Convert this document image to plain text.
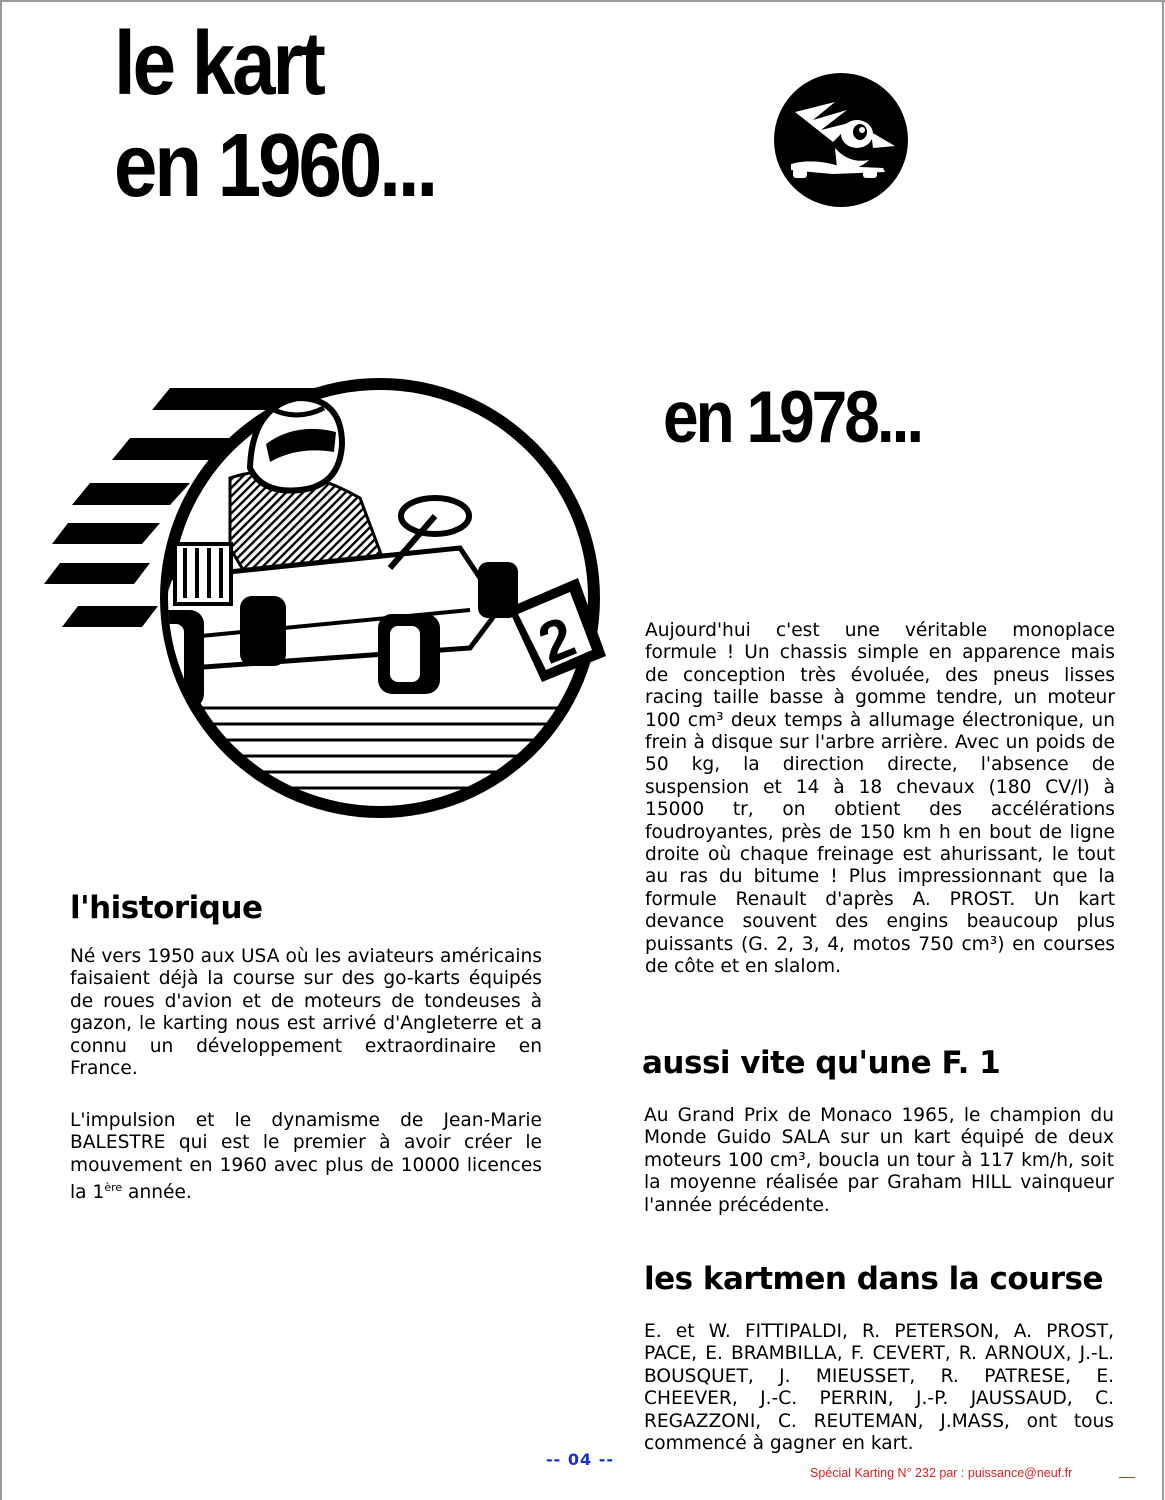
le kart
en 1960...
en 1978...
2
l'historique

Né vers 1950 aux USA où les aviateurs américains faisaient déjà la course sur des go-karts équipés de roues d'avion et de moteurs de tondeuses à gazon, le karting nous est arrivé d'Angleterre et a connu un développement extraordinaire en France.

L'impulsion et le dynamisme de Jean-Marie BALESTRE qui est le premier à avoir créer le mouvement en 1960 avec plus de 10000 licences la 1ère année.

Aujourd'hui c'est une véritable monoplace formule ! Un chassis simple en apparence mais de conception très évoluée, des pneus lisses racing taille basse à gomme tendre, un moteur 100 cm³ deux temps à allumage électronique, un frein à disque sur l'arbre arrière. Avec un poids de 50 kg, la direction directe, l'absence de suspension et 14 à 18 chevaux (180 CV/l) à 15000 tr, on obtient des accélérations foudroyantes, près de 150 km h en bout de ligne droite où chaque freinage est ahurissant, le tout au ras du bitume ! Plus impressionnant que la formule Renault d'après A. PROST. Un kart devance souvent des engins beaucoup plus puissants (G. 2, 3, 4, motos 750 cm³) en courses de côte et en slalom.

aussi vite qu'une F. 1

Au Grand Prix de Monaco 1965, le champion du Monde Guido SALA sur un kart équipé de deux moteurs 100 cm³, boucla un tour à 117 km/h, soit la moyenne réalisée par Graham HILL vainqueur l'année précédente.

les kartmen dans la course

E. et W. FITTIPALDI, R. PETERSON, A. PROST, PACE, E. BRAMBILLA, F. CEVERT, R. ARNOUX, J.-L. BOUSQUET, J. MIEUSSET, R. PATRESE, E. CHEEVER, J.-C. PERRIN, J.-P. JAUSSAUD, C. REGAZZONI, C. REUTEMAN, J.MASS, ont tous commencé à gagner en kart.

-- 04 --
Spécial Karting N° 232 par : puissance@neuf.fr
